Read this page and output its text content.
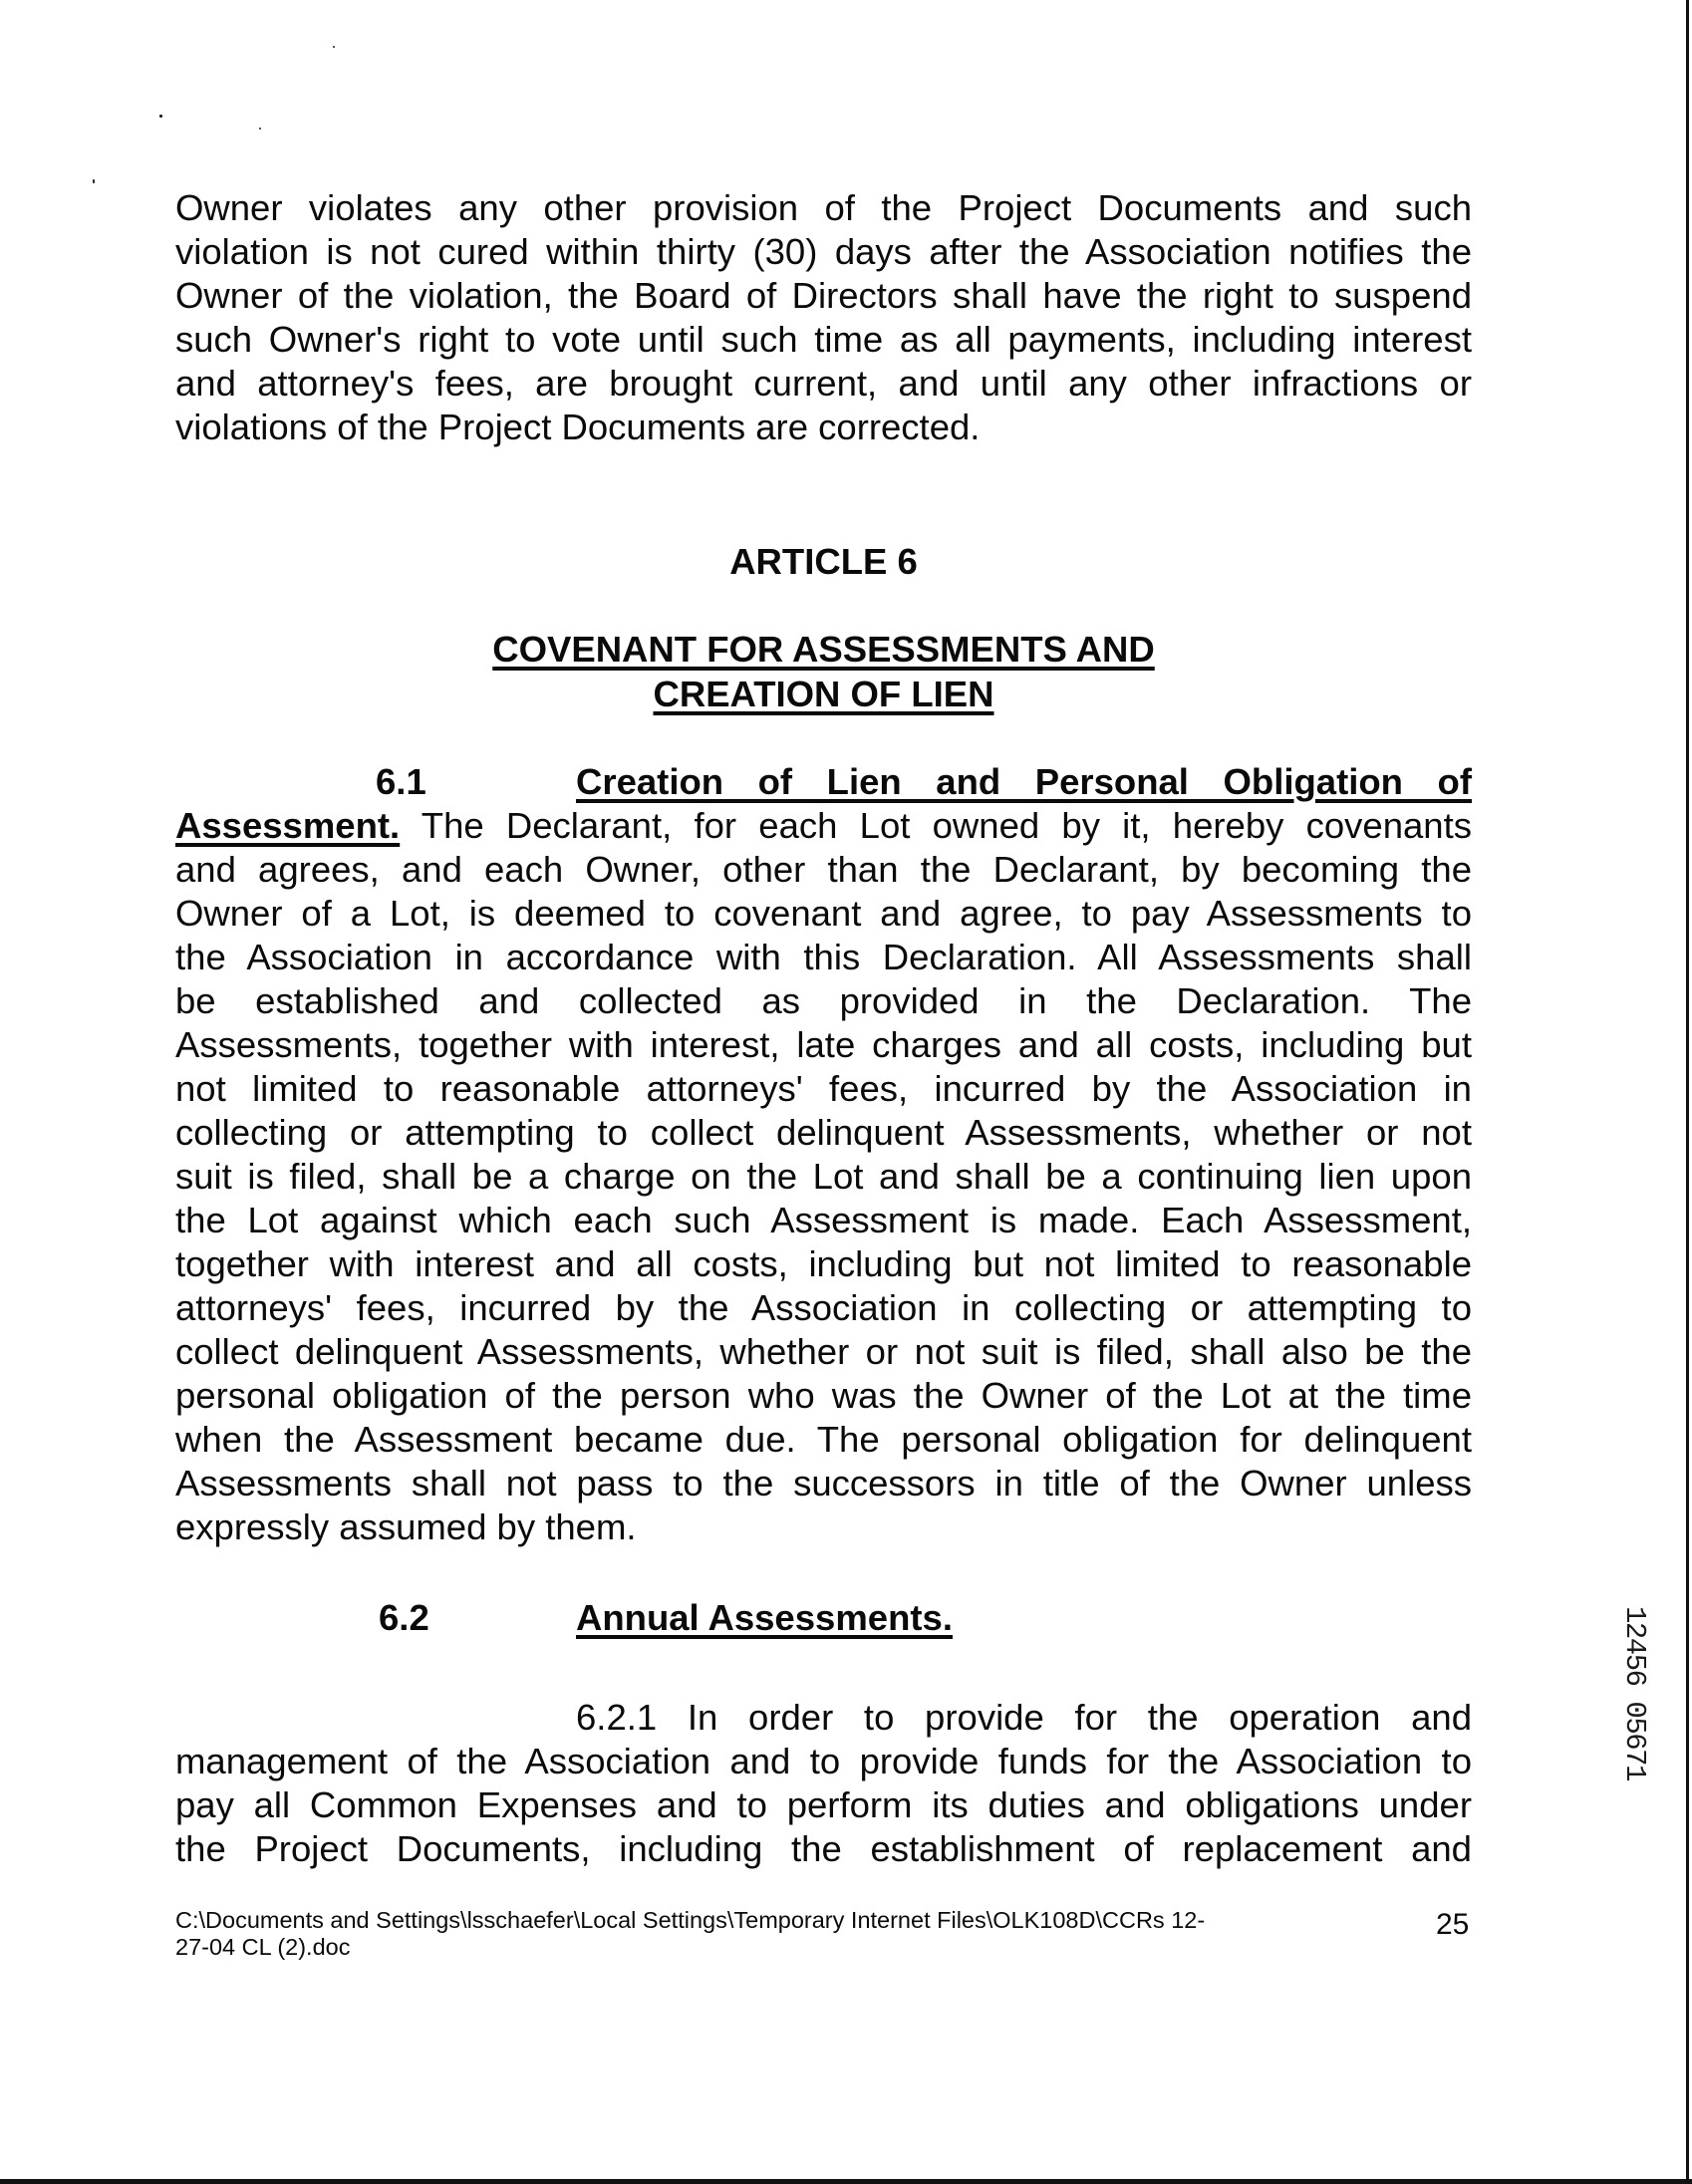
Owner violates any other provision of the Project Documents and such
violation is not cured within thirty (30) days after the Association notifies the
Owner of the violation, the Board of Directors shall have the right to suspend
such Owner's right to vote until such time as all payments, including interest
and attorney's fees, are brought current, and until any other infractions or
violations of the Project Documents are corrected.
ARTICLE 6
COVENANT FOR ASSESSMENTS AND
CREATION OF LIEN
6.1	Creation of Lien and Personal Obligation of
Assessment. The Declarant, for each Lot owned by it, hereby covenants
and agrees, and each Owner, other than the Declarant, by becoming the
Owner of a Lot, is deemed to covenant and agree, to pay Assessments to
the Association in accordance with this Declaration. All Assessments shall
be established and collected as provided in the Declaration. The
Assessments, together with interest, late charges and all costs, including but
not limited to reasonable attorneys' fees, incurred by the Association in
collecting or attempting to collect delinquent Assessments, whether or not
suit is filed, shall be a charge on the Lot and shall be a continuing lien upon
the Lot against which each such Assessment is made. Each Assessment,
together with interest and all costs, including but not limited to reasonable
attorneys' fees, incurred by the Association in collecting or attempting to
collect delinquent Assessments, whether or not suit is filed, shall also be the
personal obligation of the person who was the Owner of the Lot at the time
when the Assessment became due. The personal obligation for delinquent
Assessments shall not pass to the successors in title of the Owner unless
expressly assumed by them.
6.2	Annual Assessments.
6.2.1 In order to provide for the operation and
management of the Association and to provide funds for the Association to
pay all Common Expenses and to perform its duties and obligations under
the Project Documents, including the establishment of replacement and
12456 05671
C:\Documents and Settings\lsschaefer\Local Settings\Temporary Internet Files\OLK108D\CCRs 12-
27-04 CL (2).doc
25
